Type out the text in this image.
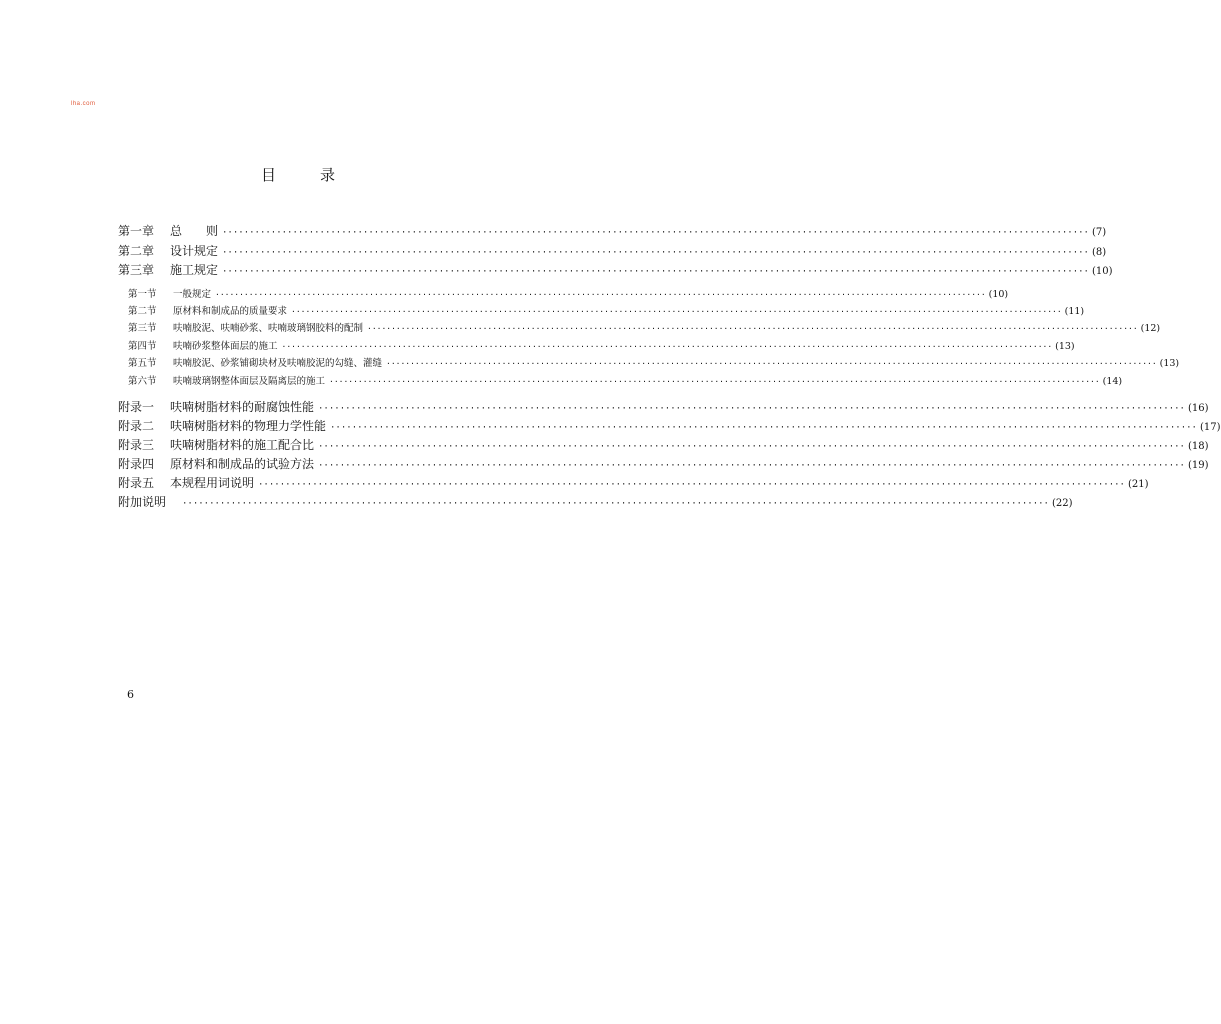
lha.com
目	录
第一章	总　　则 ································································································································································ (7)
第二章	设计规定 ································································································································································ (8)
第三章	施工规定 ································································································································································ (10)
第一节	一般规定 ································································································································································ (10)
第二节	原材料和制成品的质量要求 ································································································································································ (11)
第三节	呋喃胶泥、呋喃砂浆、呋喃玻璃钢胶料的配制 ································································································································································ (12)
第四节	呋喃砂浆整体面层的施工 ································································································································································ (13)
第五节	呋喃胶泥、砂浆铺砌块材及呋喃胶泥的勾缝、灌缝 ································································································································································ (13)
第六节	呋喃玻璃钢整体面层及隔离层的施工 ································································································································································ (14)
附录一	呋喃树脂材料的耐腐蚀性能 ································································································································································ (16)
附录二	呋喃树脂材料的物理力学性能 ································································································································································ (17)
附录三	呋喃树脂材料的施工配合比 ································································································································································ (18)
附录四	原材料和制成品的试验方法 ································································································································································ (19)
附录五	本规程用词说明 ································································································································································ (21)
附加说明	································································································································································ (22)
6
